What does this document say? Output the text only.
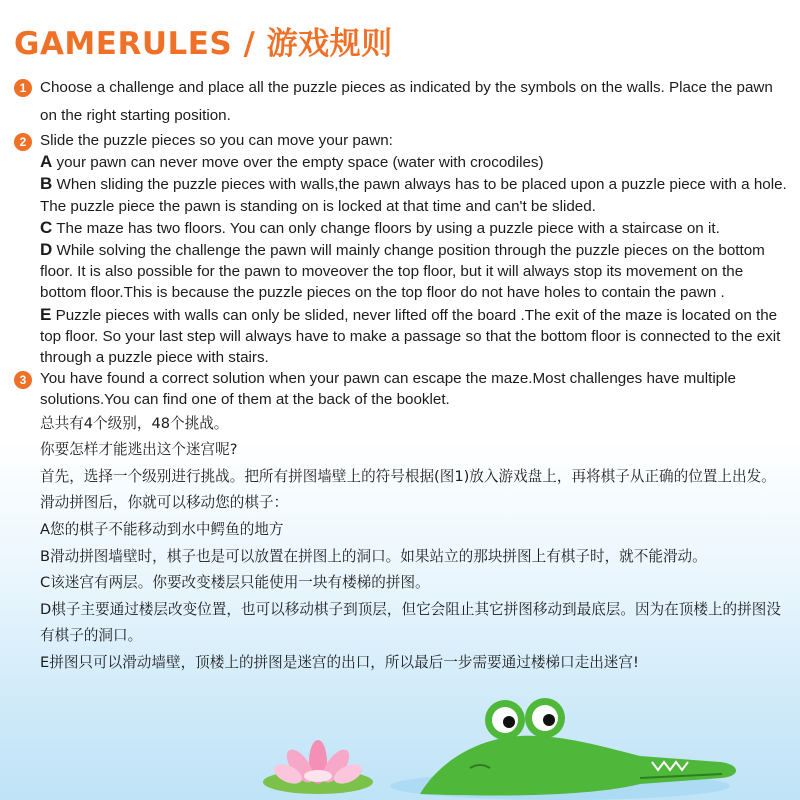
GAMERULES / 游戏规则
1 Choose a challenge and place all the puzzle pieces as indicated by the symbols on the walls. Place the pawn on the right starting position.
2 Slide the puzzle pieces so you can move your pawn:

A your pawn can never move over the empty space (water with crocodiles)

B When sliding the puzzle pieces with walls,the pawn always has to be placed upon a puzzle piece with a hole. The puzzle piece the pawn is standing on is locked at that time and can't be slided.

C The maze has two floors. You can only change floors by using a puzzle piece with a staircase on it.

D While solving the challenge the pawn will mainly change position through the puzzle pieces on the bottom floor. It is also possible for the pawn to moveover the top floor, but it will always stop its movement on the bottom floor.This is because the puzzle pieces on the top floor do not have holes to contain the pawn .

E Puzzle pieces with walls can only be slided, never lifted off the board .The exit of the maze is located on the top floor. So your last step will always have to make a passage so that the bottom floor is connected to the exit through a puzzle piece with stairs.

3 You have found a correct solution when your pawn can escape the maze.Most challenges have multiple solutions.You can find one of them at the back of the booklet.

总共有4个级别，48个挑战。

你要怎样才能逃出这个迷宫呢?

首先，选择一个级别进行挑战。把所有拼图墙壁上的符号根据(图1)放入游戏盘上，再将棋子从正确的位置上出发。滑动拼图后，你就可以移动您的棋子：

A您的棋子不能移动到水中鳄鱼的地方

B滑动拼图墙壁时，棋子也是可以放置在拼图上的洞口。如果站立的那块拼图上有棋子时，就不能滑动。

C该迷宫有两层。你要改变楼层只能使用一块有楼梯的拼图。

D棋子主要通过楼层改变位置，也可以移动棋子到顶层，但它会阻止其它拼图移动到最底层。因为在顶楼上的拼图没有棋子的洞口。

E拼图只可以滑动墙壁，顶楼上的拼图是迷宫的出口，所以最后一步需要通过楼梯口走出迷宫!
